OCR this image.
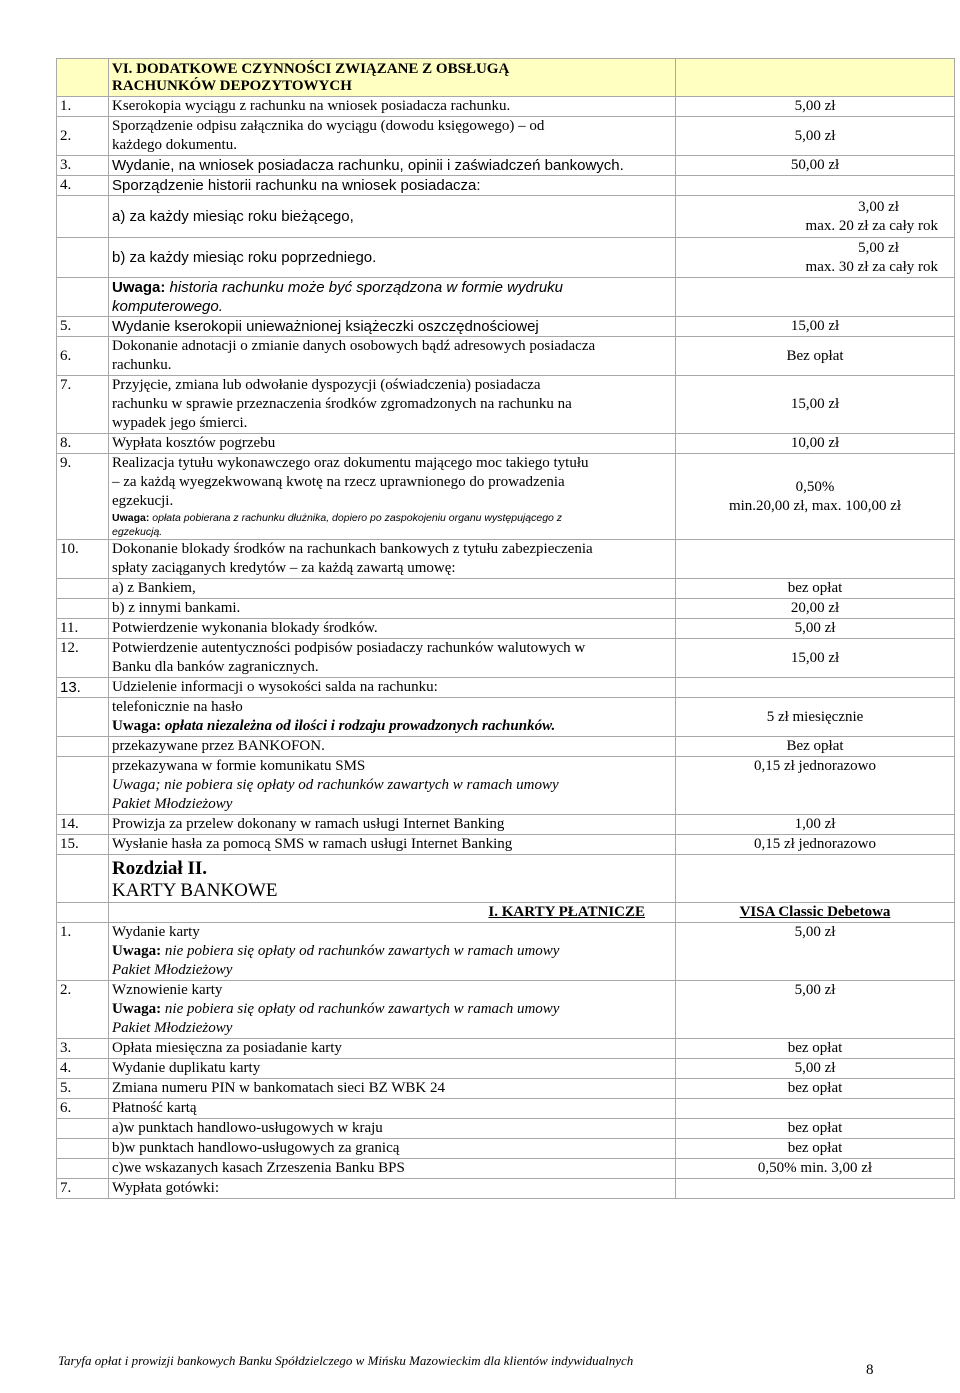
	VI. DODATKOWE CZYNNOŚCI ZWIĄZANE Z OBSŁUGĄ
RACHUNKÓW DEPOZYTOWYCH	

1.	Kserokopia wyciągu z rachunku na wniosek posiadacza rachunku.	5,00 zł
2.	Sporządzenie odpisu załącznika do wyciągu (dowodu księgowego) – od
każdego dokumentu.	5,00 zł
3.	Wydanie, na wniosek posiadacza rachunku, opinii i zaświadczeń bankowych.	50,00 zł
4.	Sporządzenie historii rachunku na wniosek posiadacza:	
	a) za każdy miesiąc roku bieżącego,	3,00 zł
max. 20 zł za cały rok

	b) za każdy miesiąc roku poprzedniego.	5,00 zł
max. 30 zł za cały rok

	Uwaga: historia rachunku może być sporządzona w formie wydruku komputerowego.	
5.	Wydanie kserokopii unieważnionej książeczki oszczędnościowej	15,00 zł
6.	Dokonanie adnotacji o zmianie danych osobowych bądź adresowych posiadacza
rachunku.	Bez opłat
7.	Przyjęcie, zmiana lub odwołanie dyspozycji (oświadczenia) posiadacza
rachunku w sprawie przeznaczenia środków zgromadzonych na rachunku na
wypadek jego śmierci.	15,00 zł
8.	Wypłata kosztów pogrzebu	10,00 zł
9.	Realizacja tytułu wykonawczego oraz dokumentu mającego moc takiego tytułu
– za każdą wyegzekwowaną kwotę na rzecz uprawnionego do prowadzenia
egzekucji.
Uwaga: opłata pobierana z rachunku dłużnika, dopiero po zaspokojeniu organu występującego z
egzekucją.	0,50%
min.20,00 zł, max. 100,00 zł

10.	Dokonanie blokady środków na rachunkach bankowych z tytułu zabezpieczenia
spłaty zaciąganych kredytów – za każdą zawartą umowę:	

	a) z Bankiem,	bez opłat
	b) z innymi bankami.	20,00 zł
11.	Potwierdzenie wykonania blokady środków.	5,00 zł
12.	Potwierdzenie autentyczności podpisów posiadaczy rachunków walutowych w
Banku dla banków zagranicznych.	15,00 zł
13.	Udzielenie informacji o wysokości salda na rachunku:	

	telefonicznie na hasło
Uwaga: opłata niezależna od ilości i rodzaju prowadzonych rachunków.	5 zł miesięcznie
	przekazywane przez BANKOFON.	Bez opłat

	przekazywana w formie komunikatu SMS
Uwaga; nie pobiera się opłaty od rachunków zawartych w ramach umowy
Pakiet Młodzieżowy	0,15 zł jednorazowo
14.	Prowizja za przelew dokonany w ramach usługi Internet Banking	1,00 zł
15.	Wysłanie hasła za pomocą SMS w ramach usługi Internet Banking	0,15 zł jednorazowo

	Rozdział II.
KARTY BANKOWE	

	I. KARTY PŁATNICZE	VISA Classic Debetowa
1.	Wydanie karty
Uwaga: nie pobiera się opłaty od rachunków zawartych w ramach umowy
Pakiet Młodzieżowy	5,00 zł
2.	Wznowienie karty
Uwaga: nie pobiera się opłaty od rachunków zawartych w ramach umowy
Pakiet Młodzieżowy	5,00 zł
3.	Opłata miesięczna za posiadanie karty	bez opłat
4.	Wydanie duplikatu karty	5,00 zł
5.	Zmiana numeru PIN w bankomatach sieci BZ WBK 24	bez opłat
6.	Płatność kartą	
	a)w punktach handlowo-usługowych w kraju	bez opłat
	b)w punktach handlowo-usługowych za granicą	bez opłat
	c)we wskazanych kasach Zrzeszenia Banku BPS	0,50% min. 3,00 zł
7.	Wypłata gotówki:	
Taryfa opłat i prowizji bankowych Banku Spółdzielczego w Mińsku Mazowieckim dla klientów indywidualnych
8
